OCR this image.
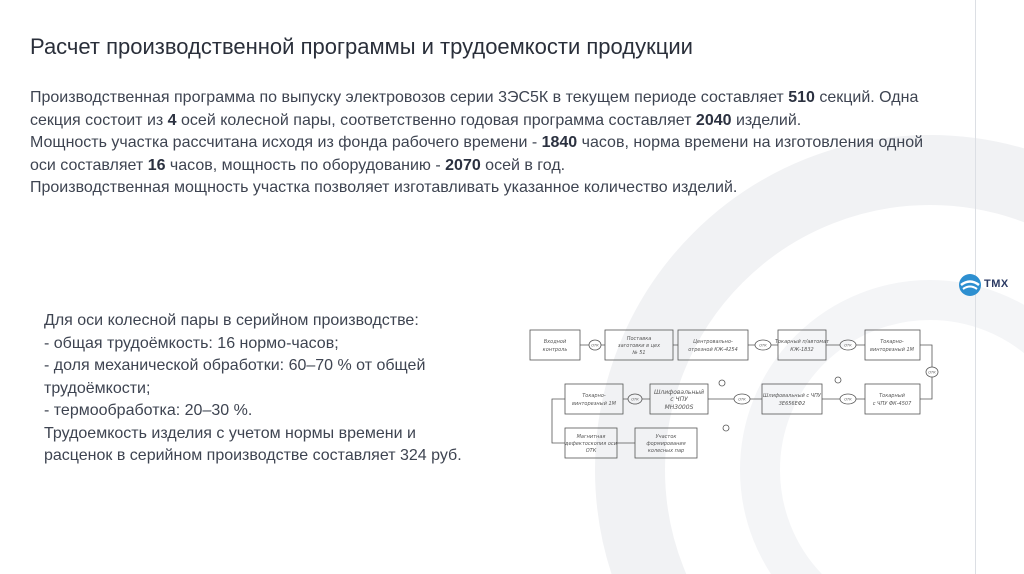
ТМХ
Расчет производственной программы и трудоемкости продукции

Производственная программа по выпуску электровозов серии 3ЭС5К в текущем периоде составляет 510 секций. Одна секция состоит из 4 осей колесной пары, соответственно годовая программа составляет 2040 изделий.

Мощность участка рассчитана исходя из фонда рабочего времени - 1840 часов, норма времени на изготовления одной оси составляет 16 часов, мощность по оборудованию - 2070 осей в год.

Производственная мощность участка позволяет изготавливать указанное количество изделий.

Для оси колесной пары в серийном производстве:

- общая трудоёмкость: 16 нормо-часов;

- доля механической обработки: 60–70 % от общей трудоёмкости;

- термообработка: 20–30 %.

Трудоемкость изделия с учетом нормы времени и расценок в серийном производстве составляет 324 руб.

Входной
контроль
Поставка
заготовки в цех
№ 51
Центровально-
отрезной КЖ-4254
Токарный п/автомат
КЖ-1832
Токарно-
винторезный 1М
Токарно-
винторезный 1М
Шлифовальный
с ЧПУ
МН3000S
Шлифовальный с ЧПУ
3Е656ЕФ2
Токарный
с ЧПУ ФК-4507
Магнитная
дефектоскопия оси
ОТК
Участок
формирования
колесных пар
ОТК	ОТК	ОТК
ОТК
ОТК
ОТК
ОТК
